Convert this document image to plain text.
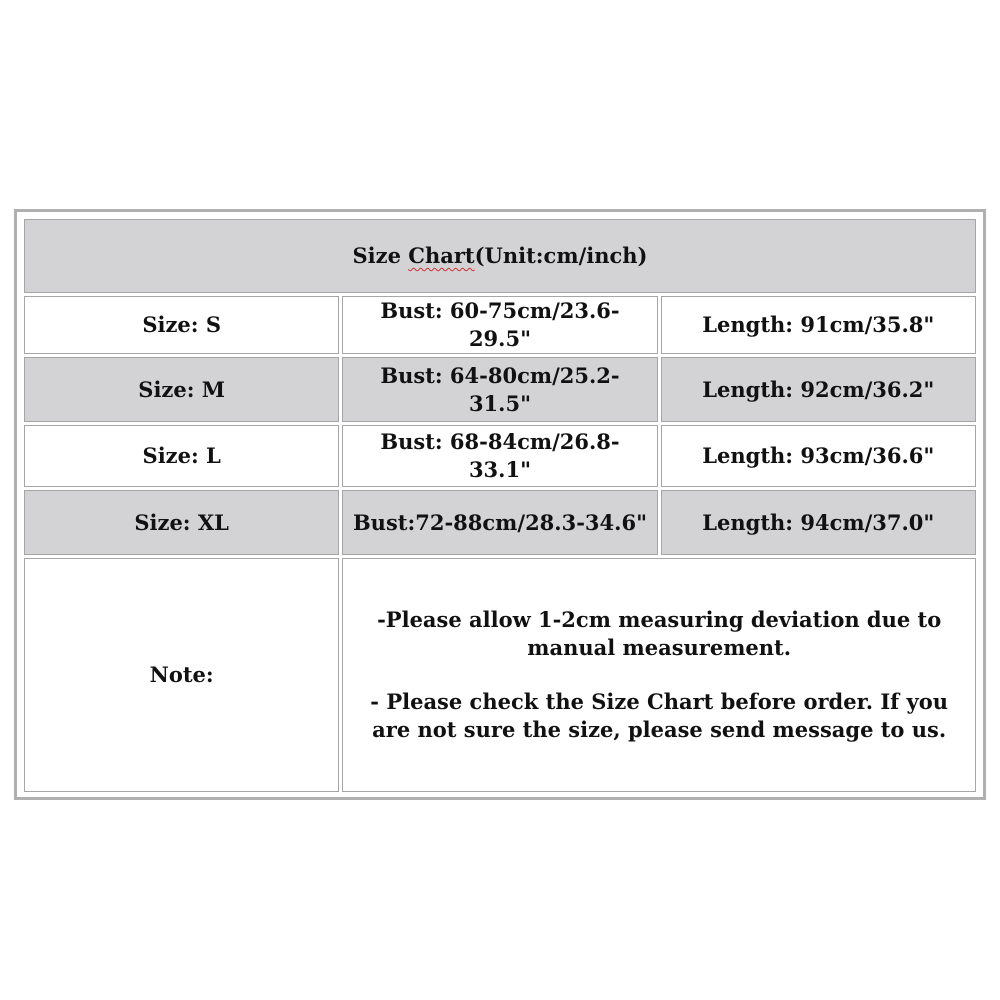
Size Chart(Unit:cm/inch)		
Size: S	Bust: 60-75cm/23.6-29.5"	Length: 91cm/35.8"
Size: M	Bust: 64-80cm/25.2-31.5"	Length: 92cm/36.2"
Size: L	Bust: 68-84cm/26.8-33.1"	Length: 93cm/36.6"
Size: XL	Bust:72-88cm/28.3-34.6"	Length: 94cm/37.0"
Note:	-Please allow 1-2cm measuring deviation due to manual measurement.

- Please check the Size Chart before order. If you are not sure the size, please send message to us.	
